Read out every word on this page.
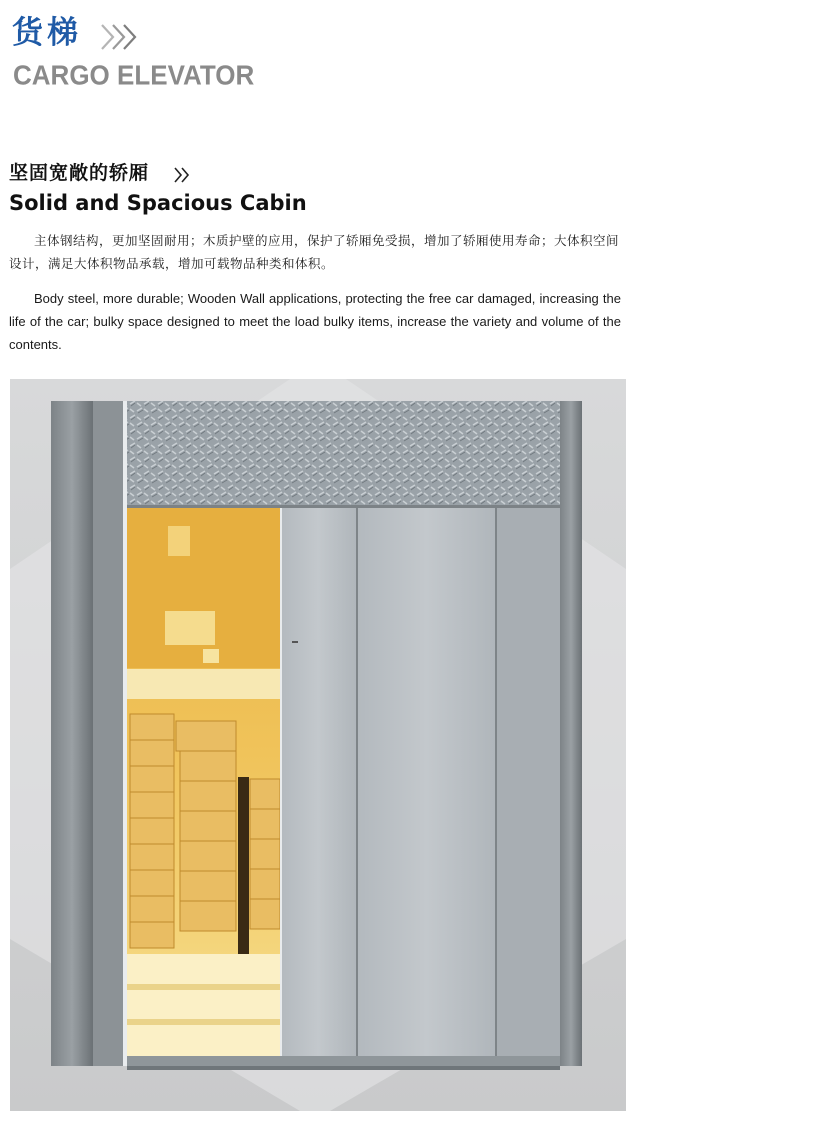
货梯
CARGO ELEVATOR
坚固宽敞的轿厢
Solid and Spacious Cabin

主体钢结构，更加坚固耐用；木质护壁的应用，保护了轿厢免受损，增加了轿厢使用寿命；大体积空间设计，满足大体积物品承载，增加可载物品种类和体积。

Body steel, more durable; Wooden Wall applications, protecting the free car damaged, increasing the life of the car; bulky space designed to meet the load bulky items, increase the variety and volume of the contents.
